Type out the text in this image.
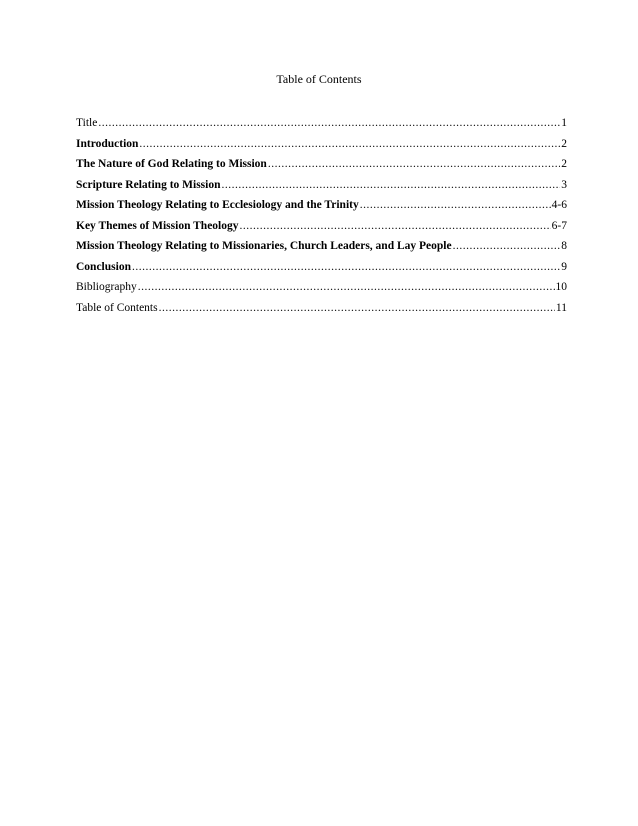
Table of Contents
Title .....	1
Introduction .....	2
The Nature of God Relating to Mission .....	2
Scripture Relating to Mission .....	3
Mission Theology Relating to Ecclesiology and the Trinity .....	4-6
Key Themes of Mission Theology .....	6-7
Mission Theology Relating to Missionaries, Church Leaders, and Lay People .....	8
Conclusion .....	9
Bibliography .....	10
Table of Contents .....	11
